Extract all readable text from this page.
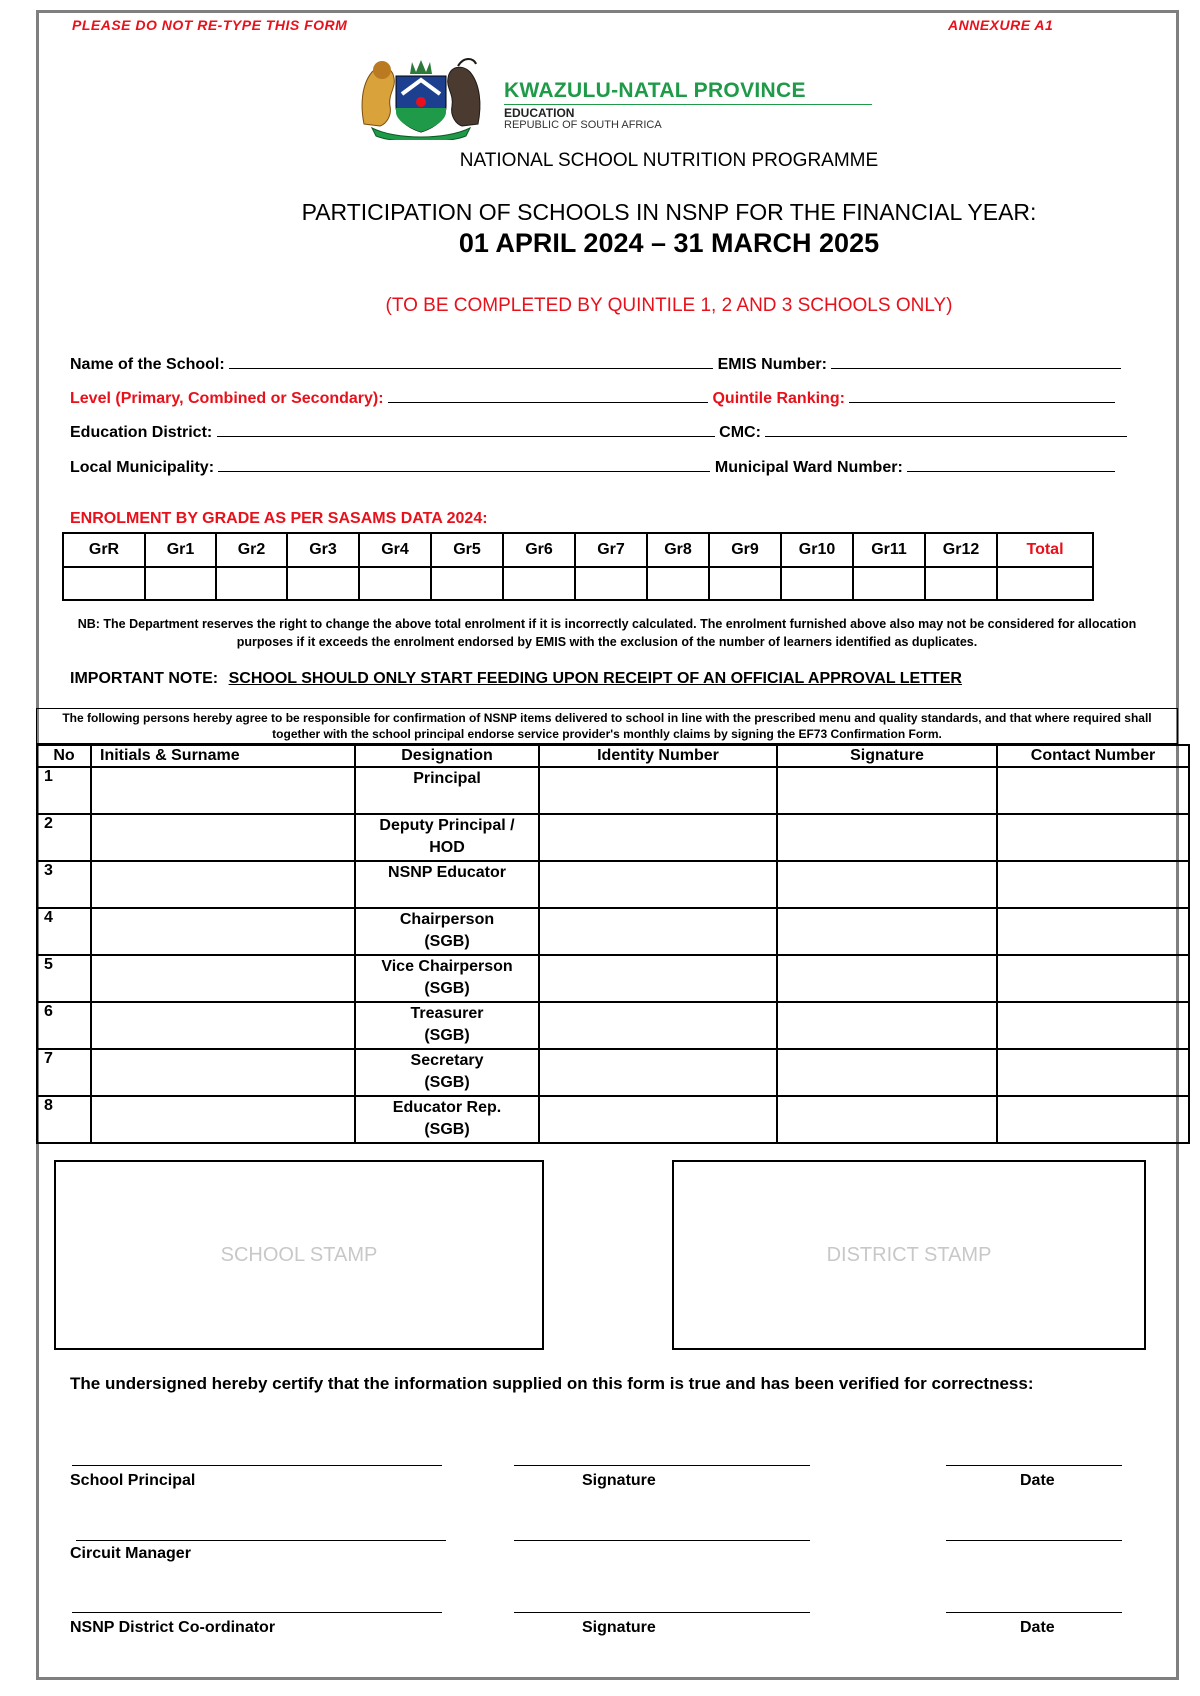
PLEASE DO NOT RE-TYPE THIS FORM	ANNEXURE A1
KWAZULU-NATAL PROVINCE
EDUCATION
REPUBLIC OF SOUTH AFRICA
NATIONAL SCHOOL NUTRITION PROGRAMME
PARTICIPATION OF SCHOOLS IN NSNP FOR THE FINANCIAL YEAR:
01 APRIL 2024 – 31 MARCH 2025
(TO BE COMPLETED BY QUINTILE 1, 2 AND 3 SCHOOLS ONLY)
Name of the School:	EMIS Number:
Level (Primary, Combined or Secondary):	Quintile Ranking:
Education District:	CMC:
Local Municipality:	Municipal Ward Number:
ENROLMENT BY GRADE AS PER SASAMS DATA 2024:
GrR	Gr1	Gr2	Gr3	Gr4	Gr5	Gr6	Gr7	Gr8	Gr9	Gr10	Gr11	Gr12	Total

NB: The Department reserves the right to change the above total enrolment if it is incorrectly calculated. The enrolment furnished above also may not be considered for allocation purposes if it exceeds the enrolment endorsed by EMIS with the exclusion of the number of learners identified as duplicates.
IMPORTANT NOTE: SCHOOL SHOULD ONLY START FEEDING UPON RECEIPT OF AN OFFICIAL APPROVAL LETTER
The following persons hereby agree to be responsible for confirmation of NSNP items delivered to school in line with the prescribed menu and quality standards, and that where required shall together with the school principal endorse service provider's monthly claims by signing the EF73 Confirmation Form.
No	Initials & Surname	Designation	Identity Number	Signature	Contact Number
1		Principal			
2		Deputy Principal / HOD			
3		NSNP Educator			
4		Chairperson (SGB)			
5		Vice Chairperson (SGB)			
6		Treasurer (SGB)			
7		Secretary (SGB)			
8		Educator Rep. (SGB)			
SCHOOL STAMP	DISTRICT STAMP
The undersigned hereby certify that the information supplied on this form is true and has been verified for correctness:
School Principal	Signature	Date
Circuit Manager
NSNP District Co-ordinator	Signature	Date
